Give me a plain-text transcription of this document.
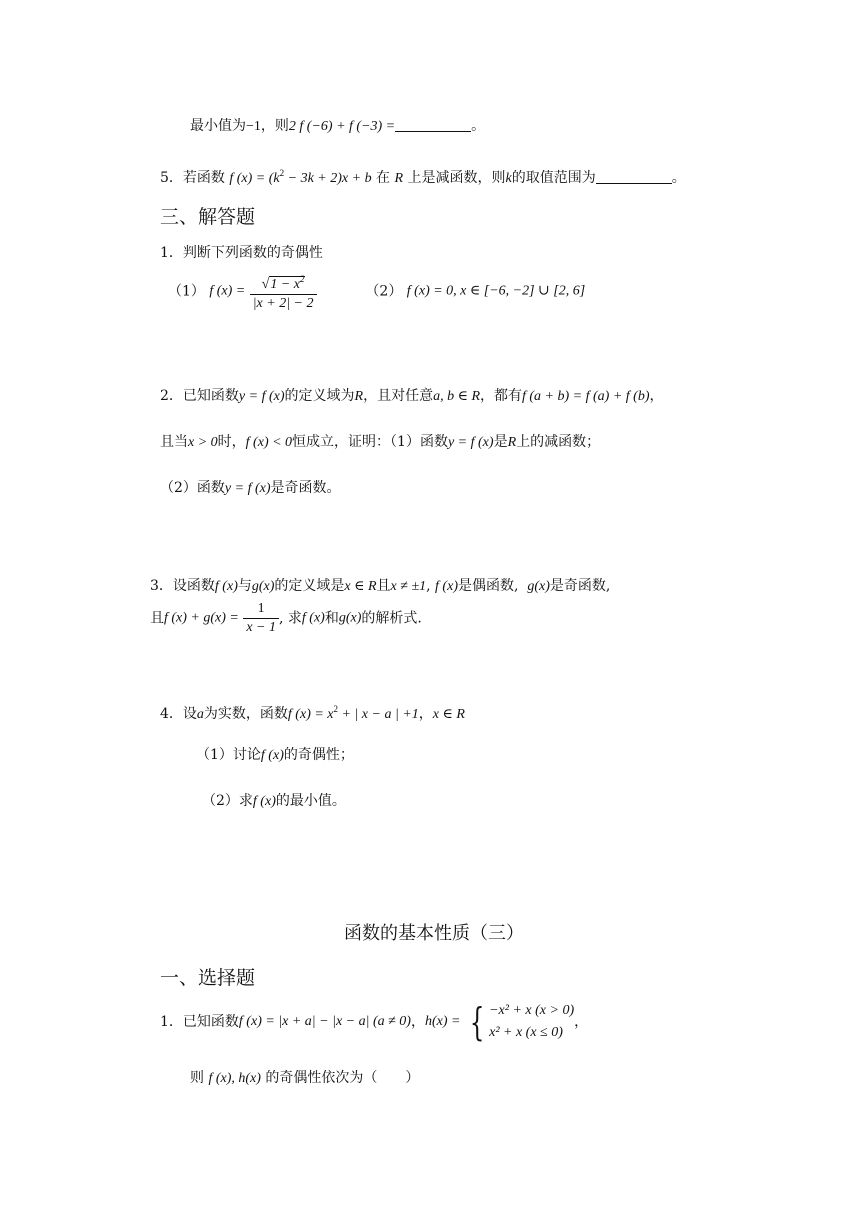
最小值为−1，则2 f (−6) + f (−3) =	。
5．若函数 f $(x) = (k^2 - 3k + 2)x + b$ 在 R 上是减函数，则k的取值范围为	。
三、解答题
1．判断下列函数的奇偶性
（1） f $(x) = \frac{√1 - x^2}{|x + 2| - 2}$	（2） f (x) = 0, x ∈ [−6, −2] ∪ [2, 6]
2．已知函数y = f (x)的定义域为R，且对任意a, b ∈ R，都有f (a + b) = f (a) + f (b)，
且当x > 0时，f (x) < 0恒成立，证明：（1）函数y = f (x)是R上的减函数；
（2）函数y = f (x)是奇函数。
3．设函数f (x)与g(x)的定义域是x ∈ R且x ≠ ±1, f (x)是偶函数, g(x)是奇函数,
且f $(x) + g(x) = \frac{1}{x - 1}$ , 求f (x)和g(x)的解析式.
4．设a为实数，函数f $(x) = x^2$ + | x − a | +1，x ∈ R
（1）讨论f (x)的奇偶性；
（2）求f (x)的最小值。
函数的基本性质（三）
一、选择题
1．已知函数f (x) = |x + a| − |x − a| (a ≠ 0)，h(x) = { −x² + x (x > 0)
x² + x (x ≤ 0)
，
则 f (x), h(x) 的奇偶性依次为（　　）
